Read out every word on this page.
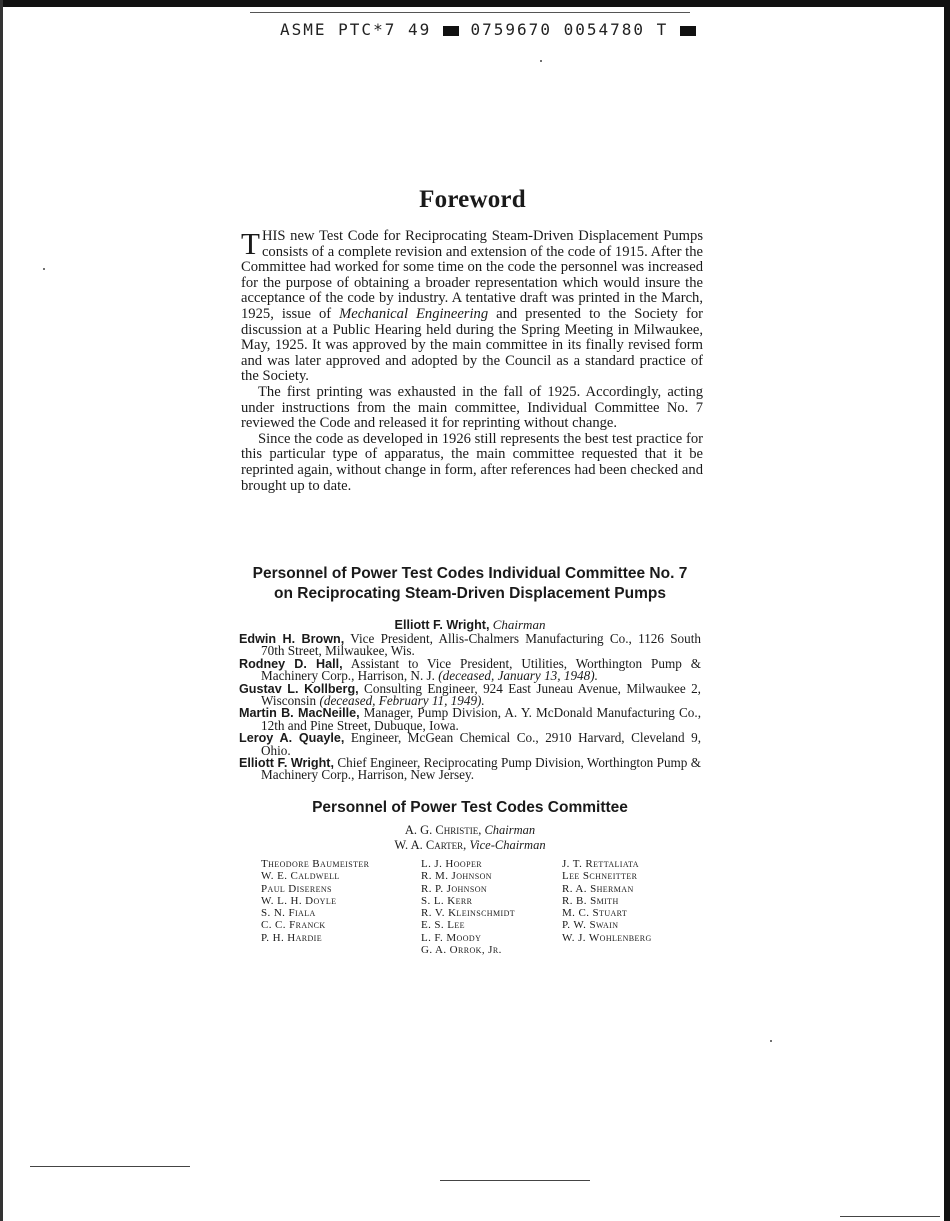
ASME PTC*7 49 0759670 0054780 T
Foreword

THIS new Test Code for Reciprocating Steam-Driven Displacement Pumps consists of a complete revision and extension of the code of 1915. After the Committee had worked for some time on the code the personnel was increased for the purpose of obtaining a broader representation which would insure the acceptance of the code by industry. A tentative draft was printed in the March, 1925, issue of Mechanical Engineering and presented to the Society for discussion at a Public Hearing held during the Spring Meeting in Milwaukee, May, 1925. It was approved by the main committee in its finally revised form and was later approved and adopted by the Council as a standard practice of the Society.

The first printing was exhausted in the fall of 1925. Accordingly, acting under instructions from the main committee, Individual Committee No. 7 reviewed the Code and released it for reprinting without change.

Since the code as developed in 1926 still represents the best test practice for this particular type of apparatus, the main committee requested that it be reprinted again, without change in form, after references had been checked and brought up to date.

Personnel of Power Test Codes Individual Committee No. 7
on Reciprocating Steam-Driven Displacement Pumps
Elliott F. Wright, Chairman
Edwin H. Brown, Vice President, Allis-Chalmers Manufacturing Co., 1126 South 70th Street, Milwaukee, Wis.
Rodney D. Hall, Assistant to Vice President, Utilities, Worthington Pump & Machinery Corp., Harrison, N. J. (deceased, January 13, 1948).
Gustav L. Kollberg, Consulting Engineer, 924 East Juneau Avenue, Milwaukee 2, Wisconsin (deceased, February 11, 1949).
Martin B. MacNeille, Manager, Pump Division, A. Y. McDonald Manufacturing Co., 12th and Pine Street, Dubuque, Iowa.
Leroy A. Quayle, Engineer, McGean Chemical Co., 2910 Harvard, Cleveland 9, Ohio.
Elliott F. Wright, Chief Engineer, Reciprocating Pump Division, Worthington Pump & Machinery Corp., Harrison, New Jersey.
Personnel of Power Test Codes Committee
A. G. Christie, Chairman
W. A. Carter, Vice-Chairman
Theodore Baumeister
W. E. Caldwell
Paul Diserens
W. L. H. Doyle
S. N. Fiala
C. C. Franck
P. H. Hardie
L. J. Hooper
R. M. Johnson
R. P. Johnson
S. L. Kerr
R. V. Kleinschmidt
E. S. Lee
L. F. Moody
G. A. Orrok, Jr.
J. T. Rettaliata
Lee Schneitter
R. A. Sherman
R. B. Smith
M. C. Stuart
P. W. Swain
W. J. Wohlenberg
